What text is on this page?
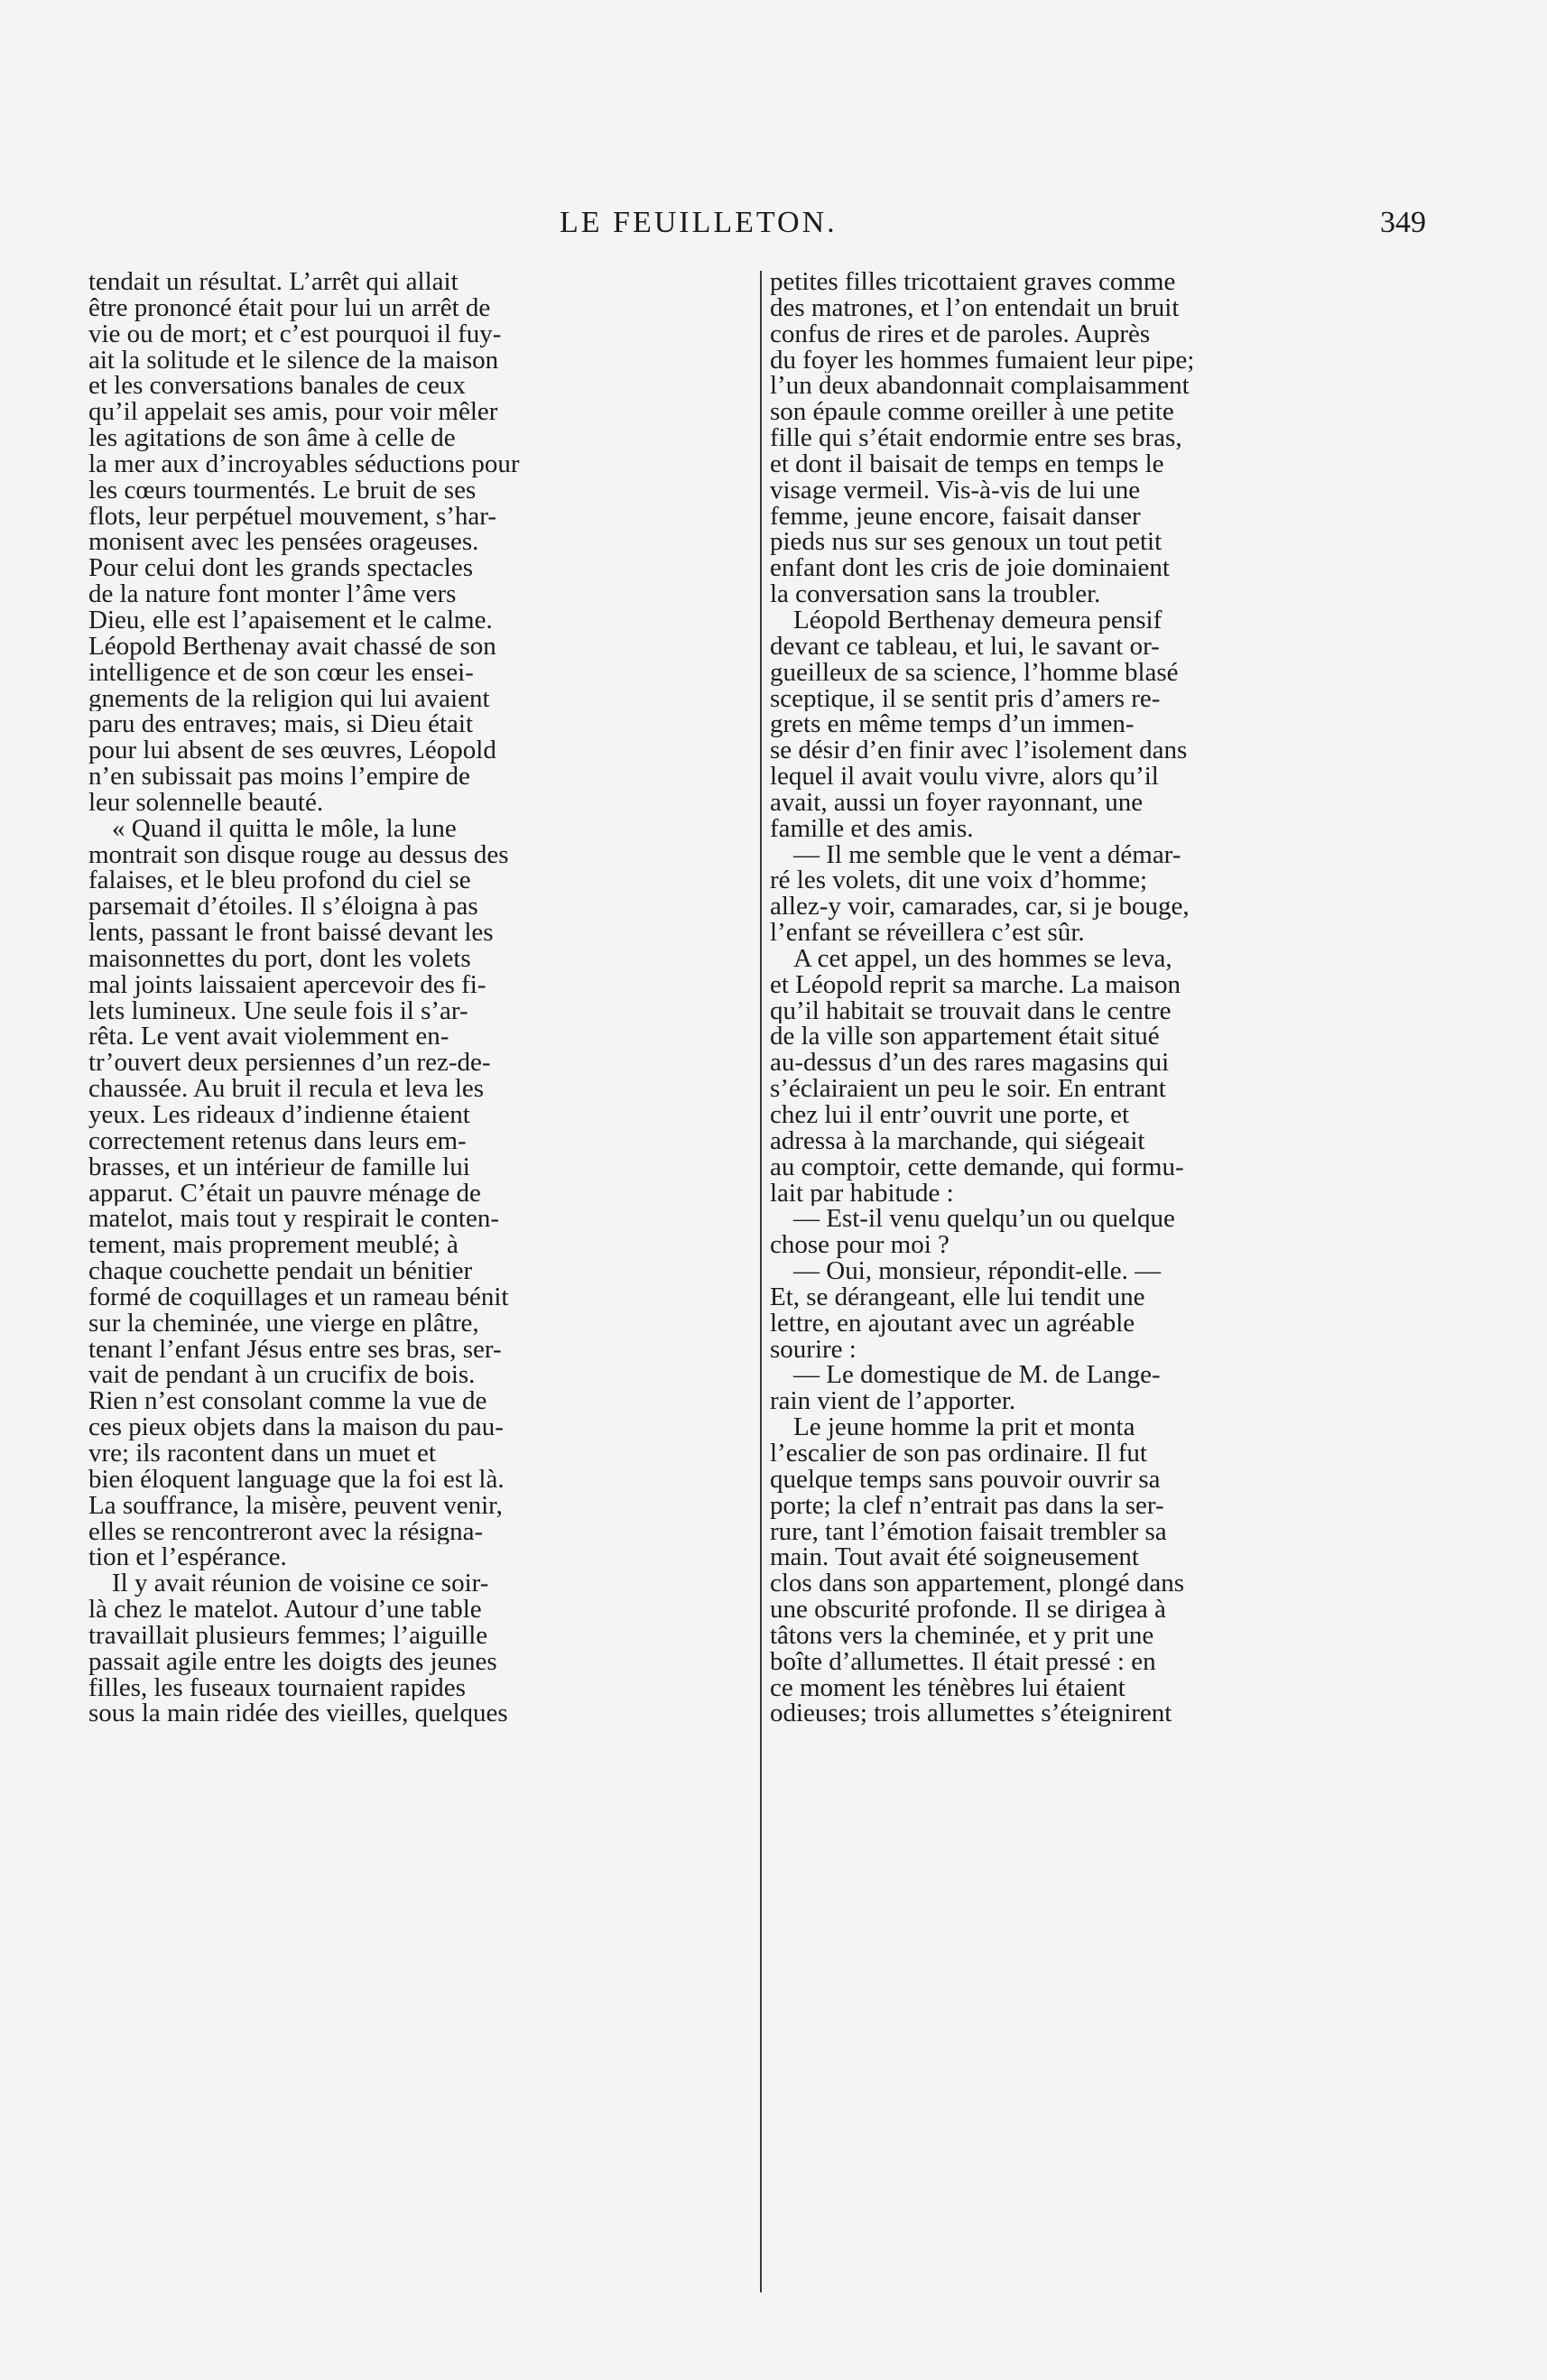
LE FEUILLETON.	349
tendait un résultat. L’arrêt qui allait
être prononcé était pour lui un arrêt de
vie ou de mort; et c’est pourquoi il fuy-
ait la solitude et le silence de la maison
et les conversations banales de ceux
qu’il appelait ses amis, pour voir mêler
les agitations de son âme à celle de
la mer aux d’incroyables séductions pour
les cœurs tourmentés. Le bruit de ses
flots, leur perpétuel mouvement, s’har-
monisent avec les pensées orageuses.
Pour celui dont les grands spectacles
de la nature font monter l’âme vers
Dieu, elle est l’apaisement et le calme.
Léopold Berthenay avait chassé de son
intelligence et de son cœur les ensei-
gnements de la religion qui lui avaient
paru des entraves; mais, si Dieu était
pour lui absent de ses œuvres, Léopold
n’en subissait pas moins l’empire de
leur solennelle beauté.
« Quand il quitta le môle, la lune
montrait son disque rouge au dessus des
falaises, et le bleu profond du ciel se
parsemait d’étoiles. Il s’éloigna à pas
lents, passant le front baissé devant les
maisonnettes du port, dont les volets
mal joints laissaient apercevoir des fi-
lets lumineux. Une seule fois il s’ar-
rêta. Le vent avait violemment en-
tr’ouvert deux persiennes d’un rez-de-
chaussée. Au bruit il recula et leva les
yeux. Les rideaux d’indienne étaient
correctement retenus dans leurs em-
brasses, et un intérieur de famille lui
apparut. C’était un pauvre ménage de
matelot, mais tout y respirait le conten-
tement, mais proprement meublé; à
chaque couchette pendait un bénitier
formé de coquillages et un rameau bénit
sur la cheminée, une vierge en plâtre,
tenant l’enfant Jésus entre ses bras, ser-
vait de pendant à un crucifix de bois.
Rien n’est consolant comme la vue de
ces pieux objets dans la maison du pau-
vre; ils racontent dans un muet et
bien éloquent language que la foi est là.
La souffrance, la misère, peuvent venir,
elles se rencontreront avec la résigna-
tion et l’espérance.
Il y avait réunion de voisine ce soir-
là chez le matelot. Autour d’une table
travaillait plusieurs femmes; l’aiguille
passait agile entre les doigts des jeunes
filles, les fuseaux tournaient rapides
sous la main ridée des vieilles, quelques
petites filles tricottaient graves comme
des matrones, et l’on entendait un bruit
confus de rires et de paroles. Auprès
du foyer les hommes fumaient leur pipe;
l’un deux abandonnait complaisamment
son épaule comme oreiller à une petite
fille qui s’était endormie entre ses bras,
et dont il baisait de temps en temps le
visage vermeil. Vis-à-vis de lui une
femme, jeune encore, faisait danser
pieds nus sur ses genoux un tout petit
enfant dont les cris de joie dominaient
la conversation sans la troubler.
Léopold Berthenay demeura pensif
devant ce tableau, et lui, le savant or-
gueilleux de sa science, l’homme blasé
sceptique, il se sentit pris d’amers re-
grets en même temps d’un immen-
se désir d’en finir avec l’isolement dans
lequel il avait voulu vivre, alors qu’il
avait, aussi un foyer rayonnant, une
famille et des amis.
— Il me semble que le vent a démar-
ré les volets, dit une voix d’homme;
allez-y voir, camarades, car, si je bouge,
l’enfant se réveillera c’est sûr.
A cet appel, un des hommes se leva,
et Léopold reprit sa marche. La maison
qu’il habitait se trouvait dans le centre
de la ville son appartement était situé
au-dessus d’un des rares magasins qui
s’éclairaient un peu le soir. En entrant
chez lui il entr’ouvrit une porte, et
adressa à la marchande, qui siégeait
au comptoir, cette demande, qui formu-
lait par habitude :
— Est-il venu quelqu’un ou quelque
chose pour moi ?
— Oui, monsieur, répondit-elle. —
Et, se dérangeant, elle lui tendit une
lettre, en ajoutant avec un agréable
sourire :
— Le domestique de M. de Lange-
rain vient de l’apporter.
Le jeune homme la prit et monta
l’escalier de son pas ordinaire. Il fut
quelque temps sans pouvoir ouvrir sa
porte; la clef n’entrait pas dans la ser-
rure, tant l’émotion faisait trembler sa
main. Tout avait été soigneusement
clos dans son appartement, plongé dans
une obscurité profonde. Il se dirigea à
tâtons vers la cheminée, et y prit une
boîte d’allumettes. Il était pressé : en
ce moment les ténèbres lui étaient
odieuses; trois allumettes s’éteignirent
